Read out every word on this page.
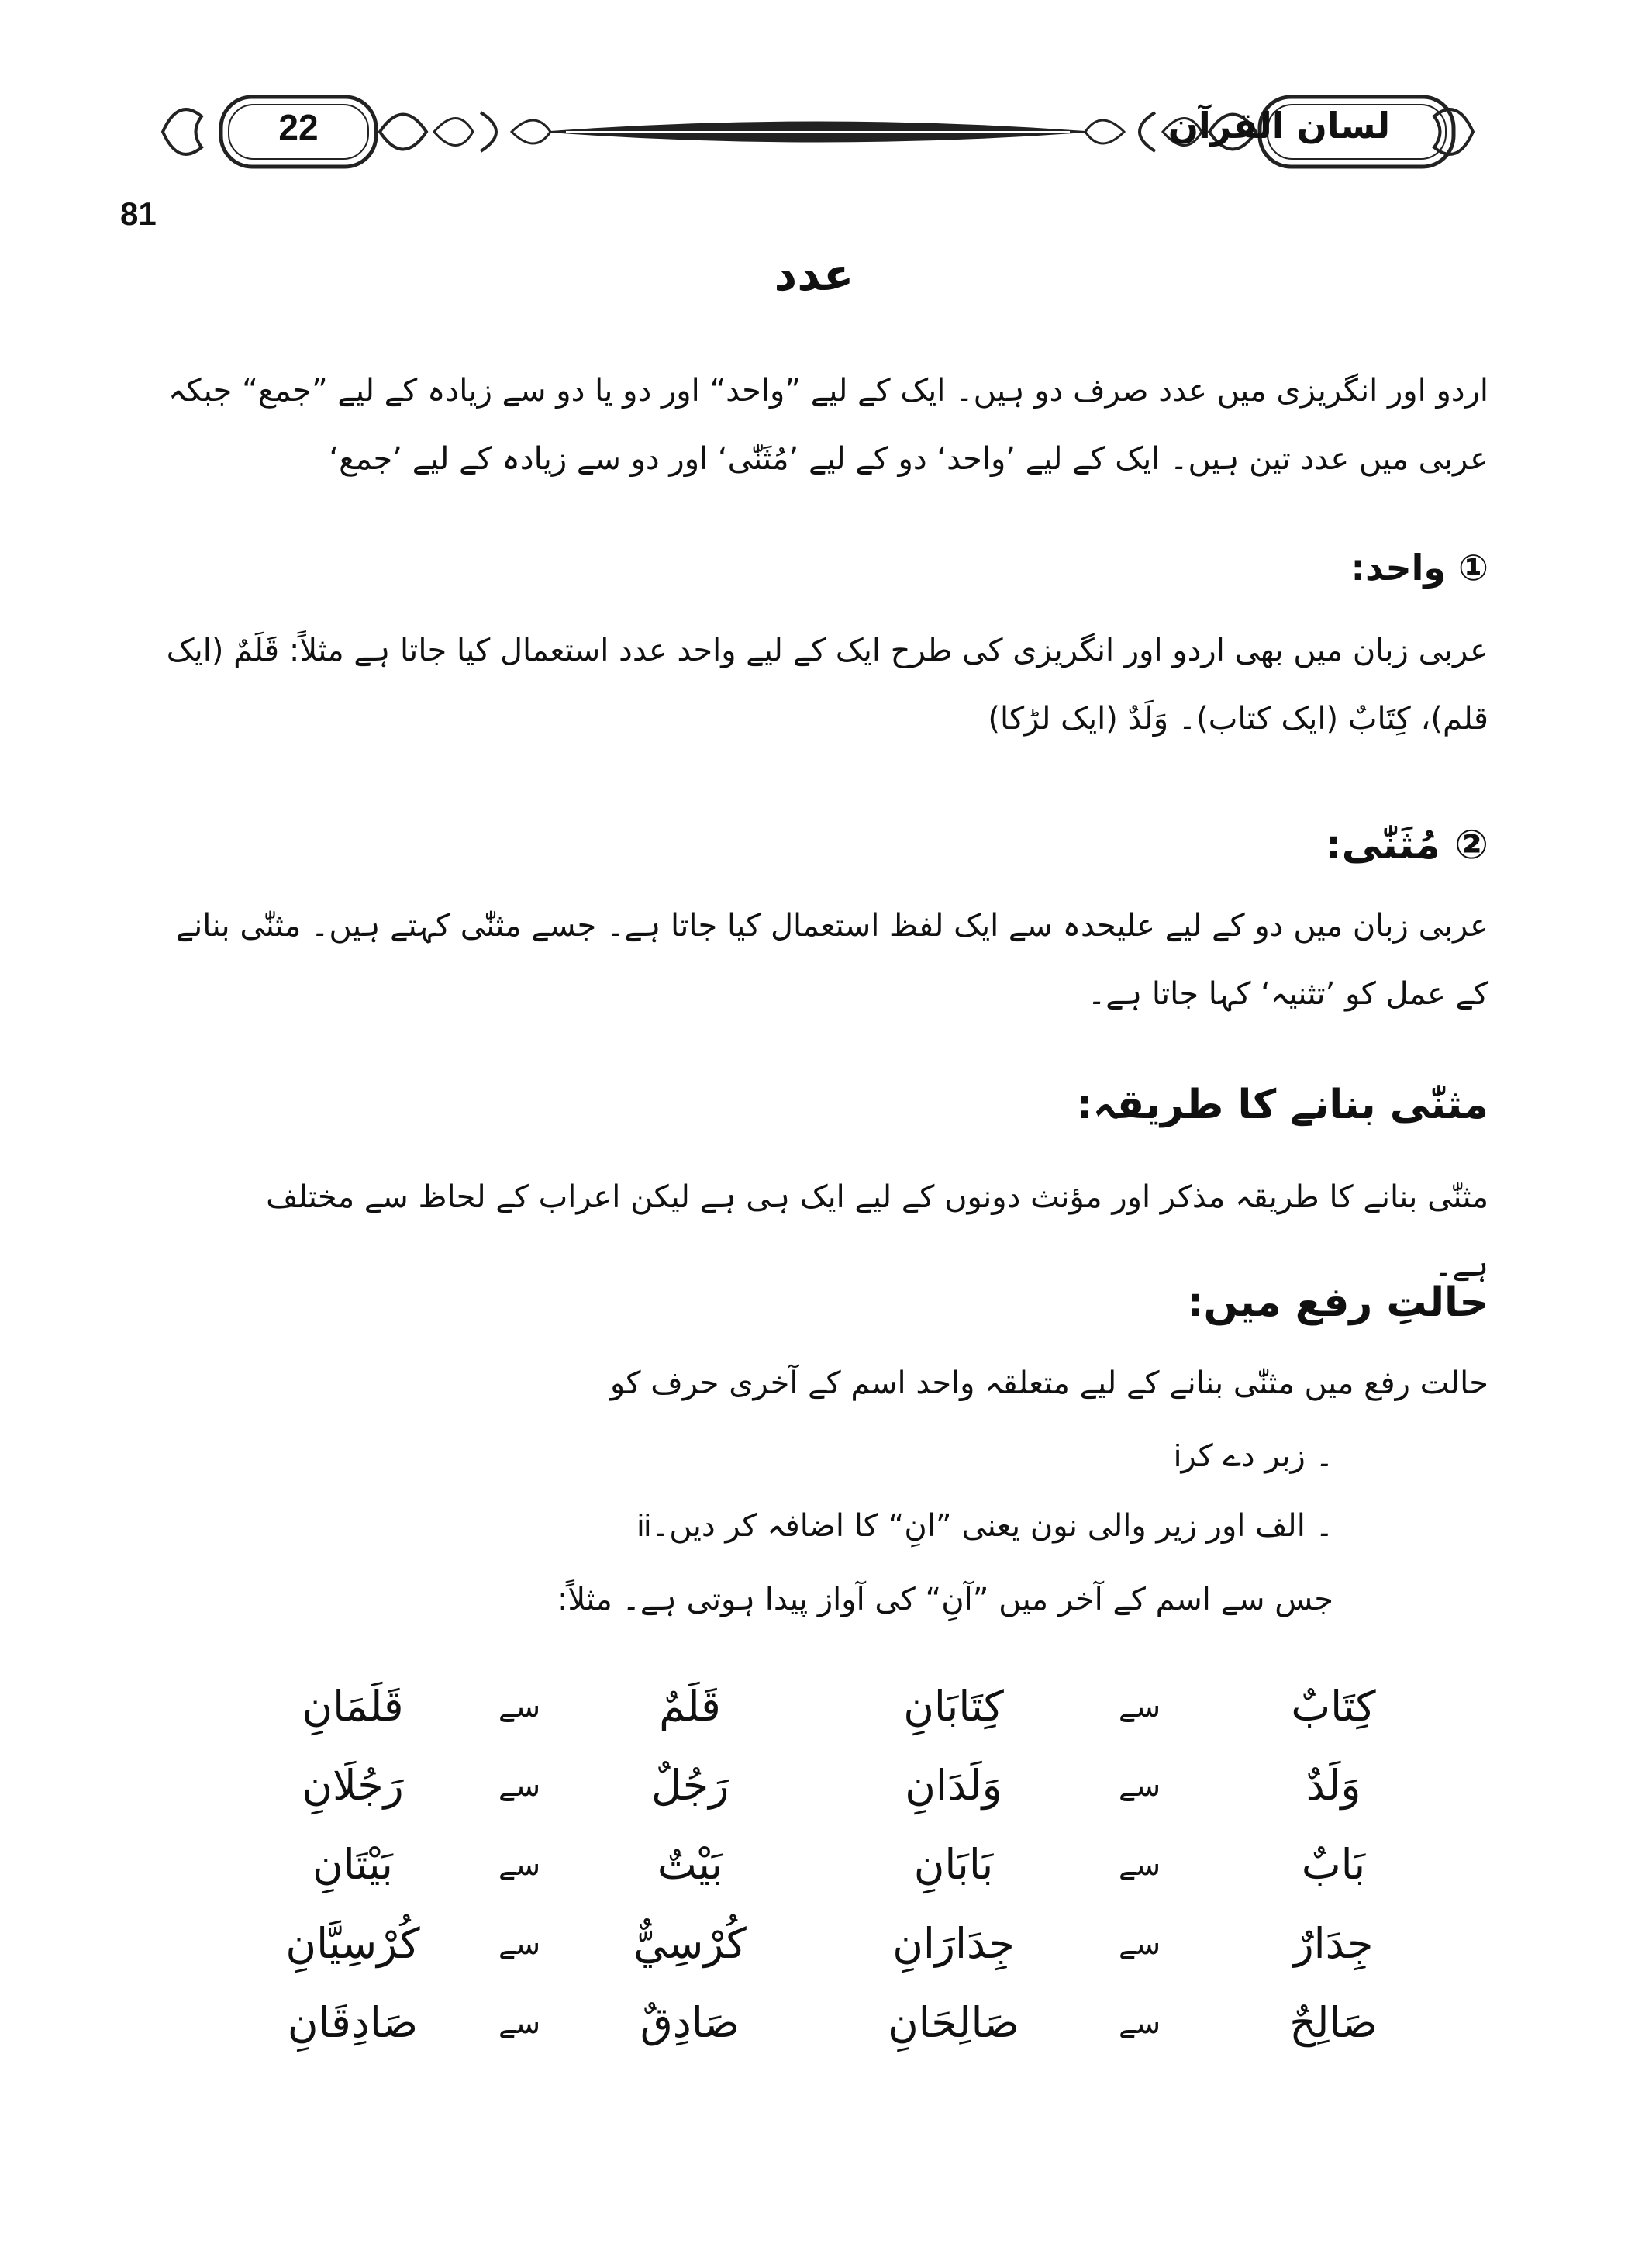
22	لسان القرآن
81
عدد
اردو اور انگریزی میں عدد صرف دو ہیں۔ ایک کے لیے ”واحد“ اور دو یا دو سے زیادہ کے لیے ”جمع“ جبکہ عربی میں عدد تین ہیں۔ ایک کے لیے ’واحد‘ دو کے لیے ’مُثَنّٰی‘ اور دو سے زیادہ کے لیے ’جمع‘
① واحد:
عربی زبان میں بھی اردو اور انگریزی کی طرح ایک کے لیے واحد عدد استعمال کیا جاتا ہے مثلاً: قَلَمٌ (ایک قلم)، کِتَابٌ (ایک کتاب)۔ وَلَدٌ (ایک لڑکا)
② مُثَنّٰی:
عربی زبان میں دو کے لیے علیحدہ سے ایک لفظ استعمال کیا جاتا ہے۔ جسے مثنّٰی کہتے ہیں۔ مثنّٰی بنانے کے عمل کو ’تثنیہ‘ کہا جاتا ہے۔
مثنّٰی بنانے کا طریقہ:
مثنّٰی بنانے کا طریقہ مذکر اور مؤنث دونوں کے لیے ایک ہی ہے لیکن اعراب کے لحاظ سے مختلف ہے۔
حالتِ رفع میں:
حالت رفع میں مثنّٰی بنانے کے لیے متعلقہ واحد اسم کے آخری حرف کو
i۔ زبر دے کر
ii۔ الف اور زیر والی نون یعنی ”انِ“ کا اضافہ کر دیں۔
جس سے اسم کے آخر میں ”آنِ“ کی آواز پیدا ہوتی ہے۔ مثلاً:
کِتَابٌ
سے
کِتَابَانِ
قَلَمٌ
سے
قَلَمَانِ
وَلَدٌ
سے
وَلَدَانِ
رَجُلٌ
سے
رَجُلَانِ
بَابٌ
سے
بَابَانِ
بَيْتٌ
سے
بَيْتَانِ
جِدَارٌ
سے
جِدَارَانِ
كُرْسِيٌّ
سے
كُرْسِيَّانِ
صَالِحٌ
سے
صَالِحَانِ
صَادِقٌ
سے
صَادِقَانِ
